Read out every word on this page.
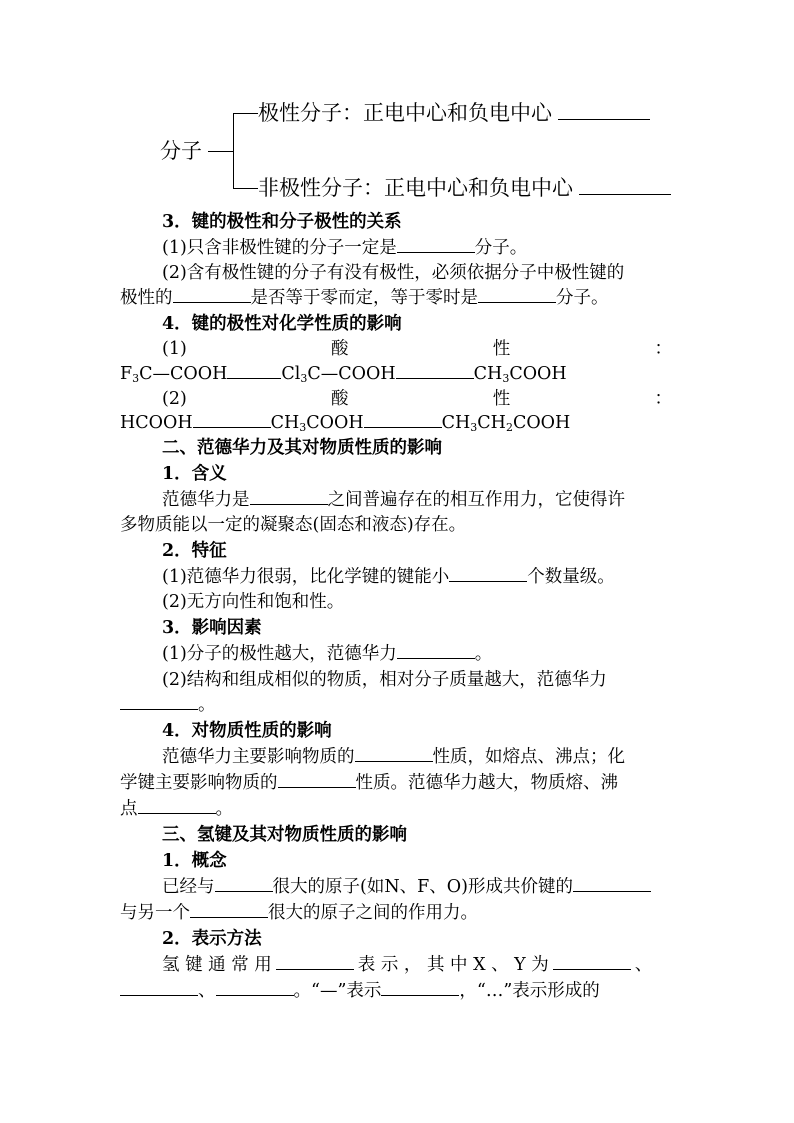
极性分子：正电中心和负电中心
分子
非极性分子：正电中心和负电中心
3．键的极性和分子极性的关系
(1)只含非极性键的分子一定是	分子。
(2)含有极性键的分子有没有极性，必须依据分子中极性键的
极性的	是否等于零而定，等于零时是	分子。
4．键的极性对化学性质的影响
(1)	酸	性	：
$F_3C—COOH$	$Cl_3C—COOH$	$CH_3COOH$
(2)	酸	性	：
HCOOH	$CH_3COOH$	$CH_3CH_2COOH$
二、范德华力及其对物质性质的影响
1．含义
范德华力是	之间普遍存在的相互作用力，它使得许
多物质能以一定的凝聚态(固态和液态)存在。
2．特征
(1)范德华力很弱，比化学键的键能小	个数量级。
(2)无方向性和饱和性。
3．影响因素
(1)分子的极性越大，范德华力	。
(2)结构和组成相似的物质，相对分子质量越大，范德华力
。
4．对物质性质的影响
范德华力主要影响物质的	性质，如熔点、沸点；化
学键主要影响物质的	性质。范德华力越大，物质熔、沸
点	。
三、氢键及其对物质性质的影响
1．概念
已经与	很大的原子(如N、F、O)形成共价键的
与另一个	很大的原子之间的作用力。
2．表示方法
氢 键 通 常 用	表 示 ， 其 中 X 、 Y 为	、
、	。“—”表示	，“…”表示形成的
